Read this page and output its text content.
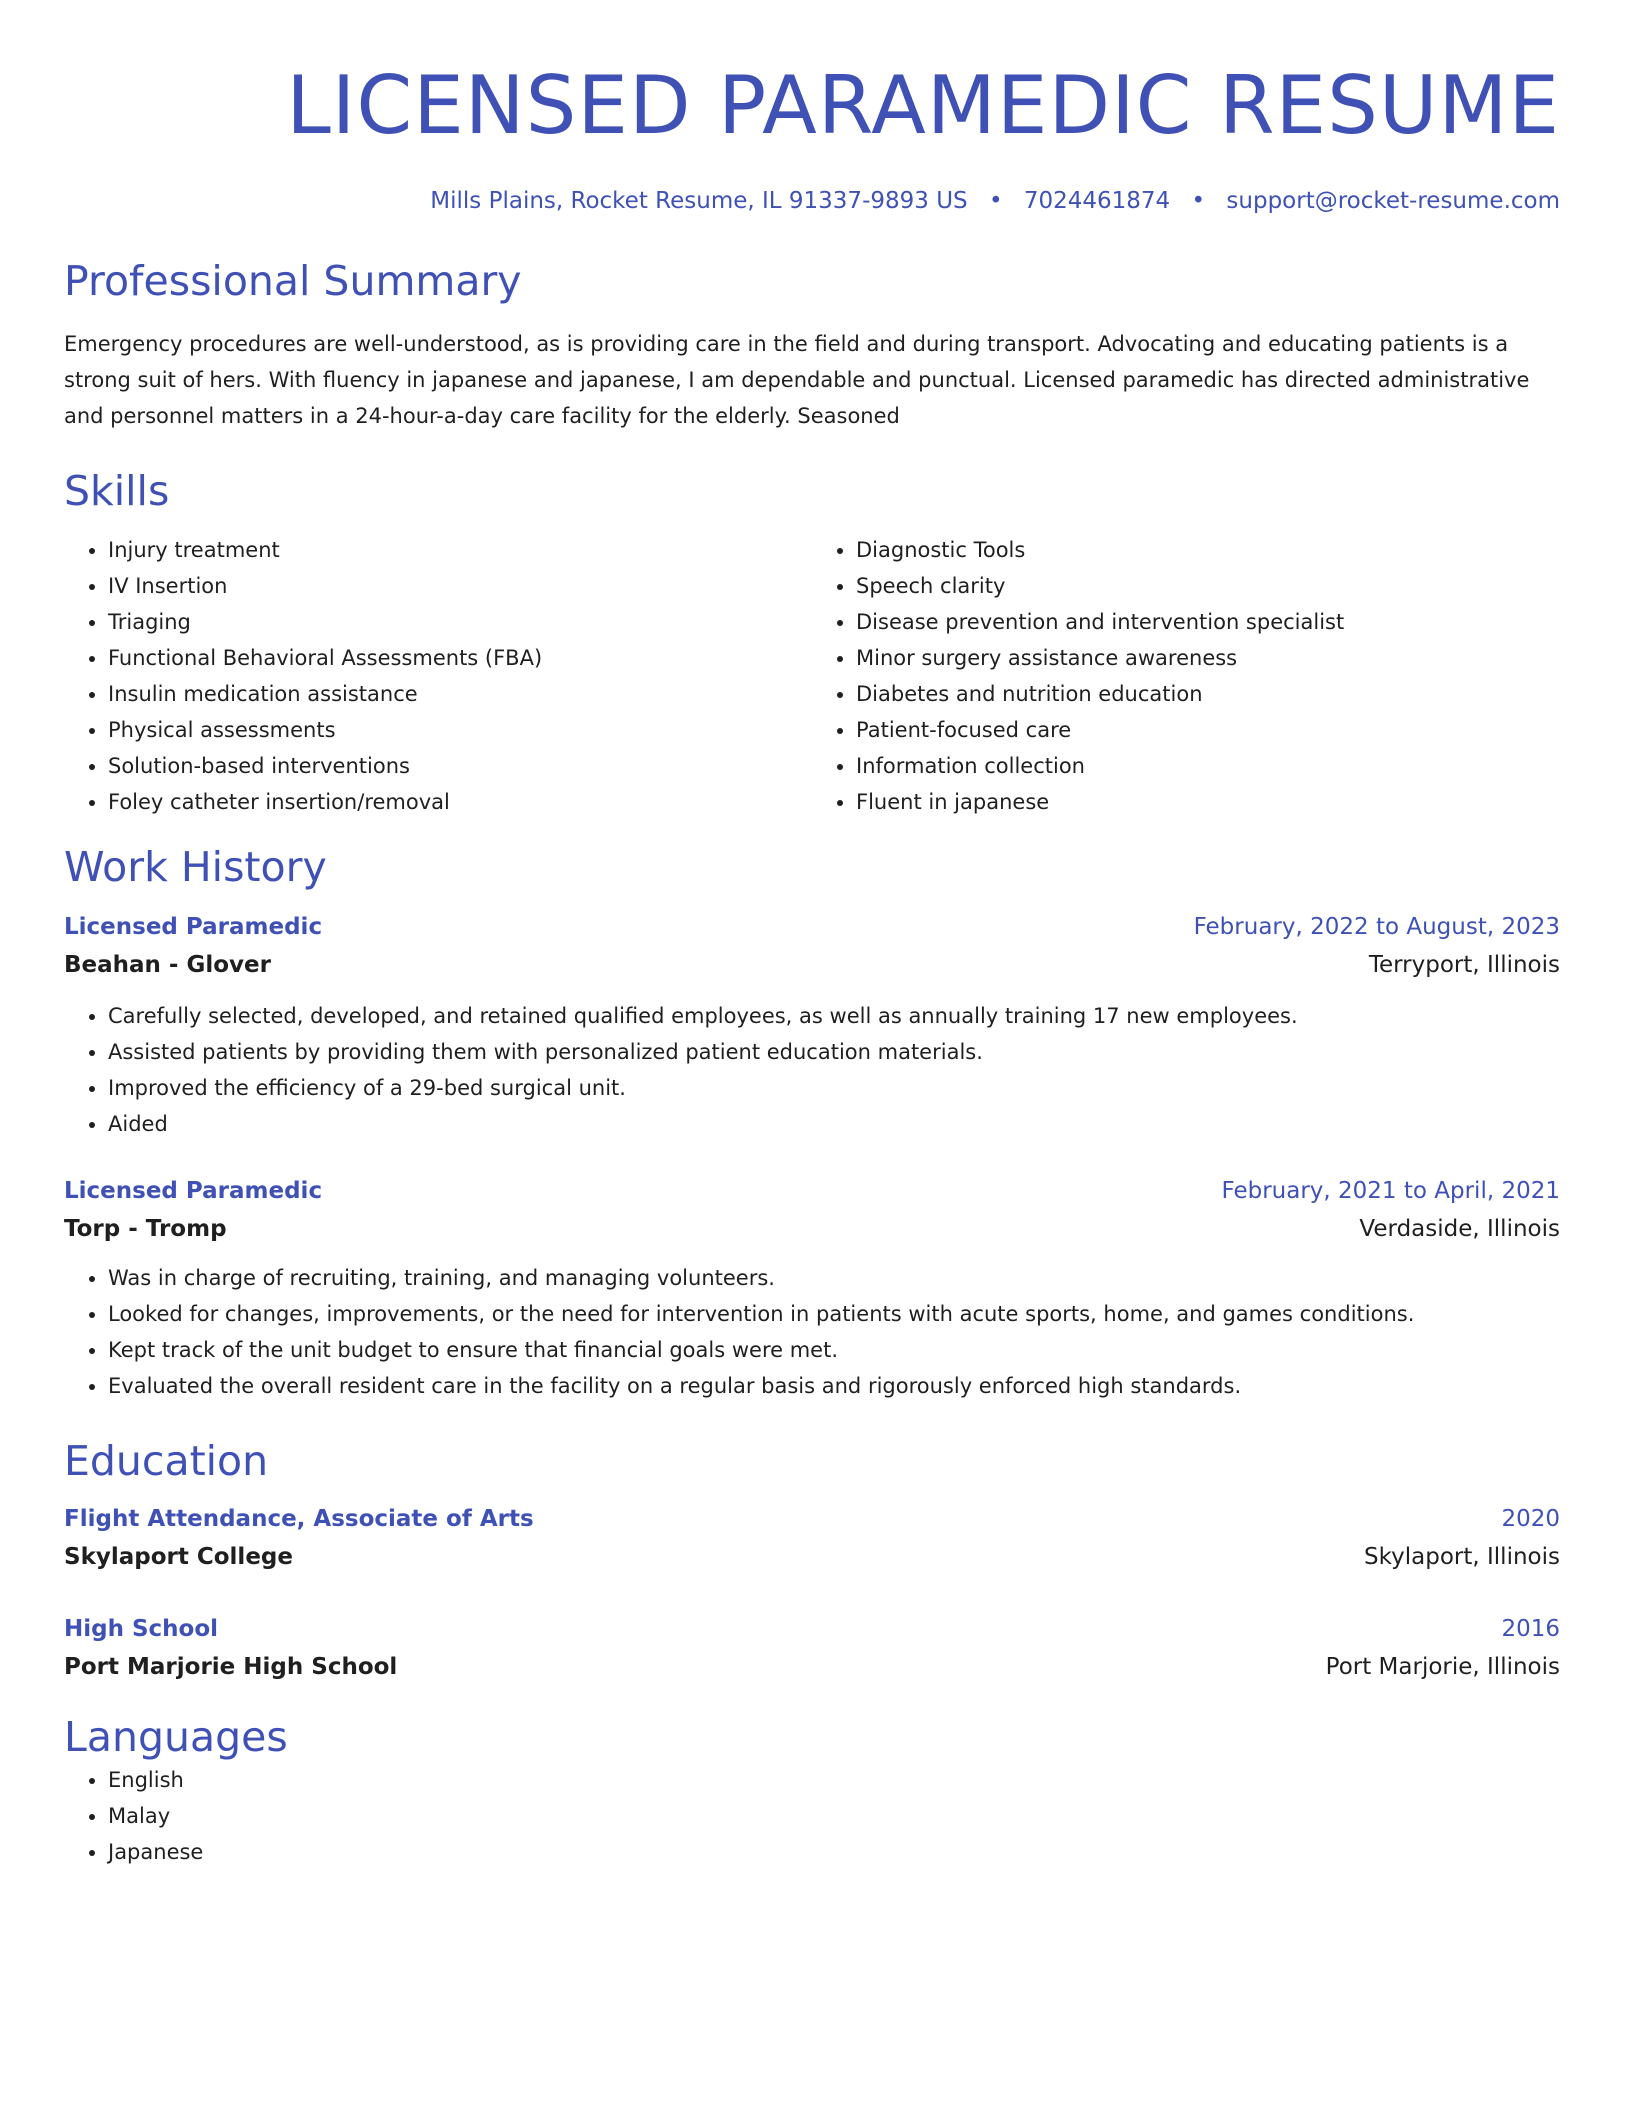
LICENSED PARAMEDIC RESUME
Mills Plains, Rocket Resume, IL 91337-9893 US • 7024461874 • support@rocket-resume.com
Professional Summary

Emergency procedures are well-understood, as is providing care in the field and during transport. Advocating and educating patients is a strong suit of hers. With fluency in japanese and japanese, I am dependable and punctual. Licensed paramedic has directed administrative and personnel matters in a 24-hour-a-day care facility for the elderly. Seasoned

Skills
• Injury treatment
• IV Insertion
• Triaging
• Functional Behavioral Assessments (FBA)
• Insulin medication assistance
• Physical assessments
• Solution-based interventions
• Foley catheter insertion/removal
• Diagnostic Tools
• Speech clarity
• Disease prevention and intervention specialist
• Minor surgery assistance awareness
• Diabetes and nutrition education
• Patient-focused care
• Information collection
• Fluent in japanese
Work History
Licensed Paramedic	February, 2022 to August, 2023
Beahan - Glover	Terryport, Illinois
• Carefully selected, developed, and retained qualified employees, as well as annually training 17 new employees.
• Assisted patients by providing them with personalized patient education materials.
• Improved the efficiency of a 29-bed surgical unit.
• Aided
Licensed Paramedic	February, 2021 to April, 2021
Torp - Tromp	Verdaside, Illinois
• Was in charge of recruiting, training, and managing volunteers.
• Looked for changes, improvements, or the need for intervention in patients with acute sports, home, and games conditions.
• Kept track of the unit budget to ensure that financial goals were met.
• Evaluated the overall resident care in the facility on a regular basis and rigorously enforced high standards.
Education
Flight Attendance, Associate of Arts	2020
Skylaport College	Skylaport, Illinois
High School	2016
Port Marjorie High School	Port Marjorie, Illinois
Languages
• English
• Malay
• Japanese
